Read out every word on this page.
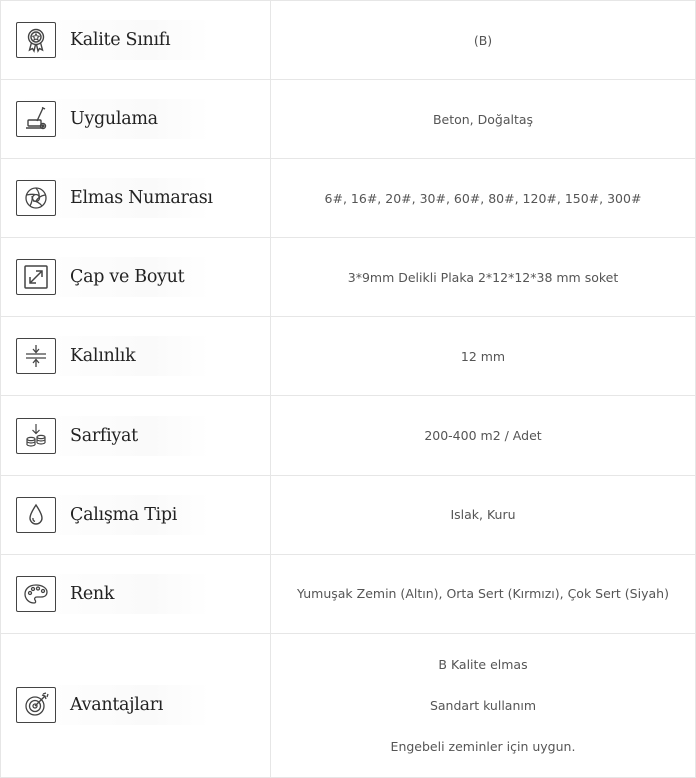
Kalite Sınıfı	(B)

Uygulama	Beton, Doğaltaş

Elmas Numarası	6#, 16#, 20#, 30#, 60#, 80#, 120#, 150#, 300#

Çap ve Boyut	3*9mm Delikli Plaka 2*12*12*38 mm soket

Kalınlık	12 mm

Sarfiyat	200-400 m2 / Adet

Çalışma Tipi	Islak, Kuru

Renk	Yumuşak Zemin (Altın), Orta Sert (Kırmızı), Çok Sert (Siyah)

Avantajları	B Kalite elmas
Sandart kullanım
Engebeli zeminler için uygun.
